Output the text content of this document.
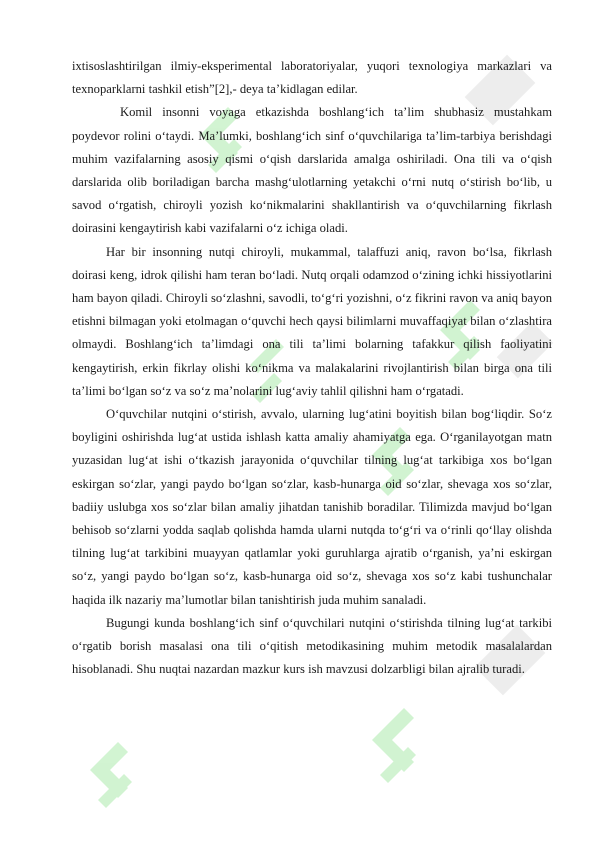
ixtisoslashtirilgan ilmiy-eksperimental laboratoriyalar, yuqori texnologiya markazlari va texnoparklarni tashkil etish”[2],- deya ta’kidlagan edilar.

Komil insonni voyaga etkazishda boshlang‘ich ta’lim shubhasiz mustahkam poydevor rolini o‘taydi. Ma’lumki, boshlang‘ich sinf o‘quvchilariga ta’lim-tarbiya berishdagi muhim vazifalarning asosiy qismi o‘qish darslarida amalga oshiriladi. Ona tili va o‘qish darslarida olib boriladigan barcha mashg‘ulotlarning yetakchi o‘rni nutq o‘stirish bo‘lib, u savod o‘rgatish, chiroyli yozish ko‘nikmalarini shakllantirish va o‘quvchilarning fikrlash doirasini kengaytirish kabi vazifalarni o‘z ichiga oladi.

Har bir insonning nutqi chiroyli, mukammal, talaffuzi aniq, ravon bo‘lsa, fikrlash doirasi keng, idrok qilishi ham teran bo‘ladi. Nutq orqali odamzod o‘zining ichki hissiyotlarini ham bayon qiladi. Chiroyli so‘zlashni, savodli, to‘g‘ri yozishni, o‘z fikrini ravon va aniq bayon etishni bilmagan yoki etolmagan o‘quvchi hech qaysi bilimlarni muvaffaqiyat bilan o‘zlashtira olmaydi. Boshlang‘ich ta’limdagi ona tili ta’limi bolarning tafakkur qilish faoliyatini kengaytirish, erkin fikrlay olishi ko‘nikma va malakalarini rivojlantirish bilan birga ona tili ta’limi bo‘lgan so‘z va so‘z ma’nolarini lug‘aviy tahlil qilishni ham o‘rgatadi.

O‘quvchilar nutqini o‘stirish, avvalo, ularning lug‘atini boyitish bilan bog‘liqdir. So‘z boyligini oshirishda lug‘at ustida ishlash katta amaliy ahamiyatga ega. O‘rganilayotgan matn yuzasidan lug‘at ishi o‘tkazish jarayonida o‘quvchilar tilning lug‘at tarkibiga xos bo‘lgan eskirgan so‘zlar, yangi paydo bo‘lgan so‘zlar, kasb-hunarga oid so‘zlar, shevaga xos so‘zlar, badiiy uslubga xos so‘zlar bilan amaliy jihatdan tanishib boradilar. Tilimizda mavjud bo‘lgan behisob so‘zlarni yodda saqlab qolishda hamda ularni nutqda to‘g‘ri va o‘rinli qo‘llay olishda tilning lug‘at tarkibini muayyan qatlamlar yoki guruhlarga ajratib o‘rganish, ya’ni eskirgan so‘z, yangi paydo bo‘lgan so‘z, kasb-hunarga oid so‘z, shevaga xos so‘z kabi tushunchalar haqida ilk nazariy ma’lumotlar bilan tanishtirish juda muhim sanaladi.

Bugungi kunda boshlang‘ich sinf o‘quvchilari nutqini o‘stirishda tilning lug‘at tarkibi o‘rgatib borish masalasi ona tili o‘qitish metodikasining muhim metodik masalalardan hisoblanadi. Shu nuqtai nazardan mazkur kurs ish mavzusi dolzarbligi bilan ajralib turadi.
